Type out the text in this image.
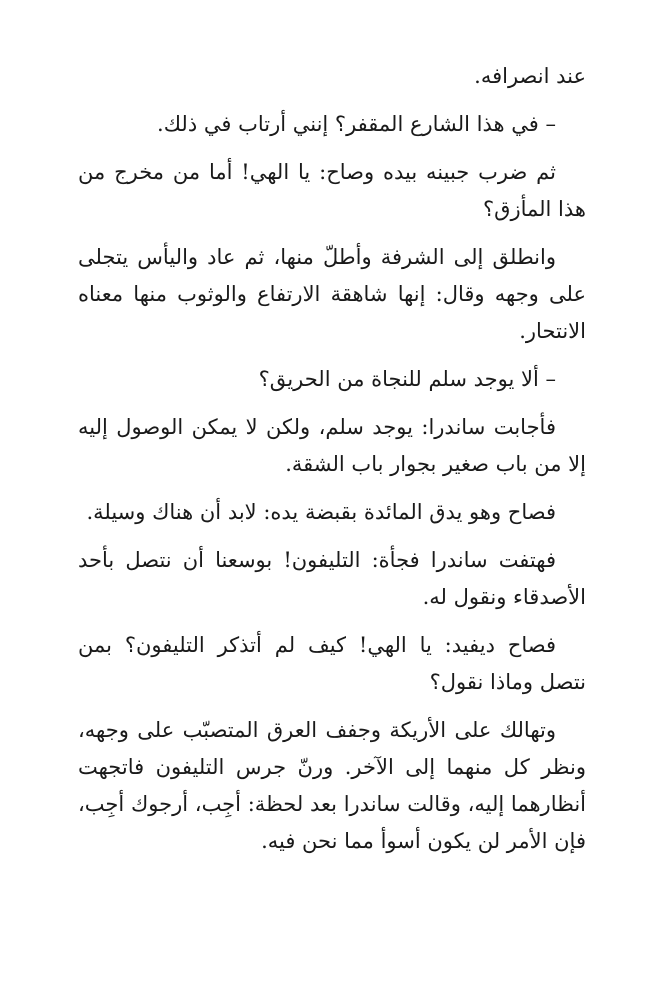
عند انصرافه.

– في هذا الشارع المقفر؟ إنني أرتاب في ذلك.

ثم ضرب جبينه بيده وصاح: يا الهي! أما من مخرج من هذا المأزق؟

وانطلق إلى الشرفة وأطلّ منها، ثم عاد واليأس يتجلى على وجهه وقال: إنها شاهقة الارتفاع والوثوب منها معناه الانتحار.

– ألا يوجد سلم للنجاة من الحريق؟

فأجابت ساندرا: يوجد سلم، ولكن لا يمكن الوصول إليه إلا من باب صغير بجوار باب الشقة.

فصاح وهو يدق المائدة بقبضة يده: لابد أن هناك وسيلة.

فهتفت ساندرا فجأة: التليفون! بوسعنا أن نتصل بأحد الأصدقاء ونقول له.

فصاح ديفيد: يا الهي! كيف لم أتذكر التليفون؟ بمن نتصل وماذا نقول؟

وتهالك على الأريكة وجفف العرق المتصبّب على وجهه، ونظر كل منهما إلى الآخر. ورنّ جرس التليفون فاتجهت أنظارهما إليه، وقالت ساندرا بعد لحظة: أجِب، أرجوك أجِب، فإن الأمر لن يكون أسوأ مما نحن فيه.
